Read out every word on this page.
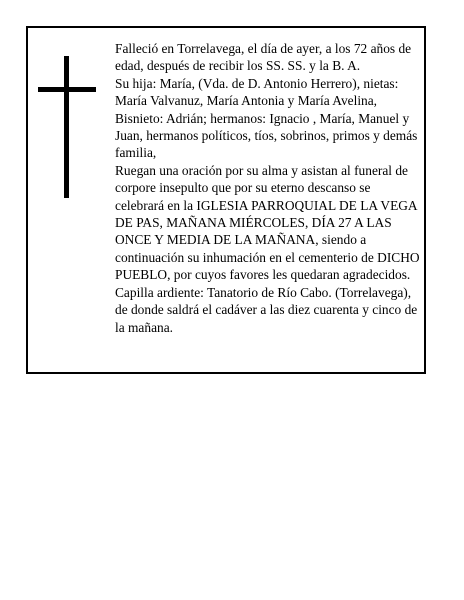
Falleció en Torrelavega, el día de ayer, a los 72 años de edad, después de recibir los SS. SS. y la B. A.

Su hija: María, (Vda. de D. Antonio Herrero), nietas: María Valvanuz, María Antonia y María Avelina, Bisnieto: Adrián; hermanos: Ignacio , María, Manuel y Juan, hermanos políticos, tíos, sobrinos, primos y demás familia,

Ruegan una oración por su alma y asistan al funeral de corpore insepulto que por su eterno descanso se celebrará en la IGLESIA PARROQUIAL DE LA VEGA DE PAS, MAÑANA MIÉRCOLES, DÍA 27 A LAS ONCE Y MEDIA DE LA MAÑANA, siendo a continuación su inhumación en el cementerio de DICHO PUEBLO, por cuyos favores les quedaran agradecidos. Capilla ardiente: Tanatorio de Río Cabo. (Torrelavega), de donde saldrá el cadáver a las diez cuarenta y cinco de la mañana.
